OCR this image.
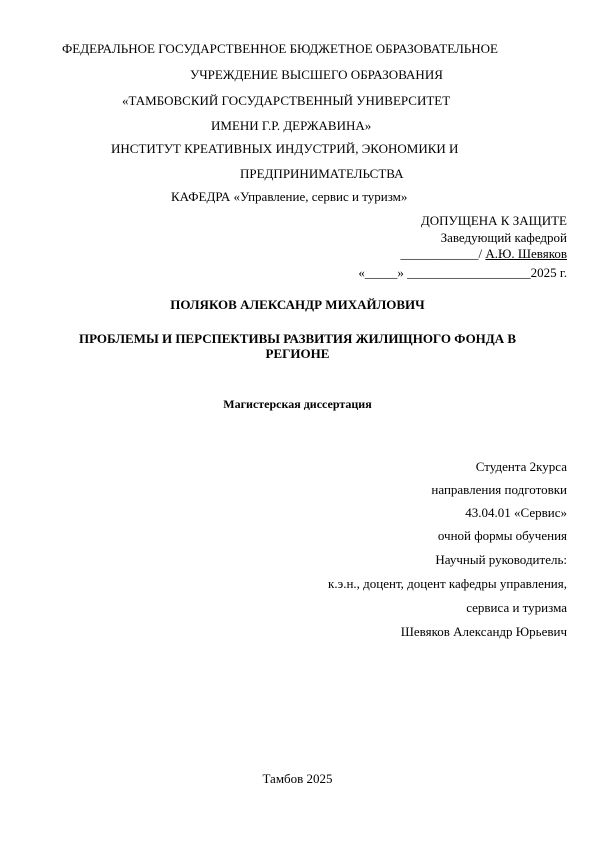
ФЕДЕРАЛЬНОЕ ГОСУДАРСТВЕННОЕ БЮДЖЕТНОЕ ОБРАЗОВАТЕЛЬНОЕ
УЧРЕЖДЕНИЕ ВЫСШЕГО ОБРАЗОВАНИЯ
«ТАМБОВСКИЙ ГОСУДАРСТВЕННЫЙ УНИВЕРСИТЕТ
ИМЕНИ Г.Р. ДЕРЖАВИНА»
ИНСТИТУТ КРЕАТИВНЫХ ИНДУСТРИЙ, ЭКОНОМИКИ И
ПРЕДПРИНИМАТЕЛЬСТВА
КАФЕДРА «Управление, сервис и туризм»
ДОПУЩЕНА К ЗАЩИТЕ
Заведующий кафедрой
____________/ А.Ю. Шевяков
«_____» ___________________2025 г.
ПОЛЯКОВ АЛЕКСАНДР МИХАЙЛОВИЧ
ПРОБЛЕМЫ И ПЕРСПЕКТИВЫ РАЗВИТИЯ ЖИЛИЩНОГО ФОНДА В
РЕГИОНЕ
Магистерская диссертация
Студента 2курса
направления подготовки
43.04.01 «Сервис»
очной формы обучения
Научный руководитель:
к.э.н., доцент, доцент кафедры управления,
сервиса и туризма
Шевяков Александр Юрьевич
Тамбов 2025
